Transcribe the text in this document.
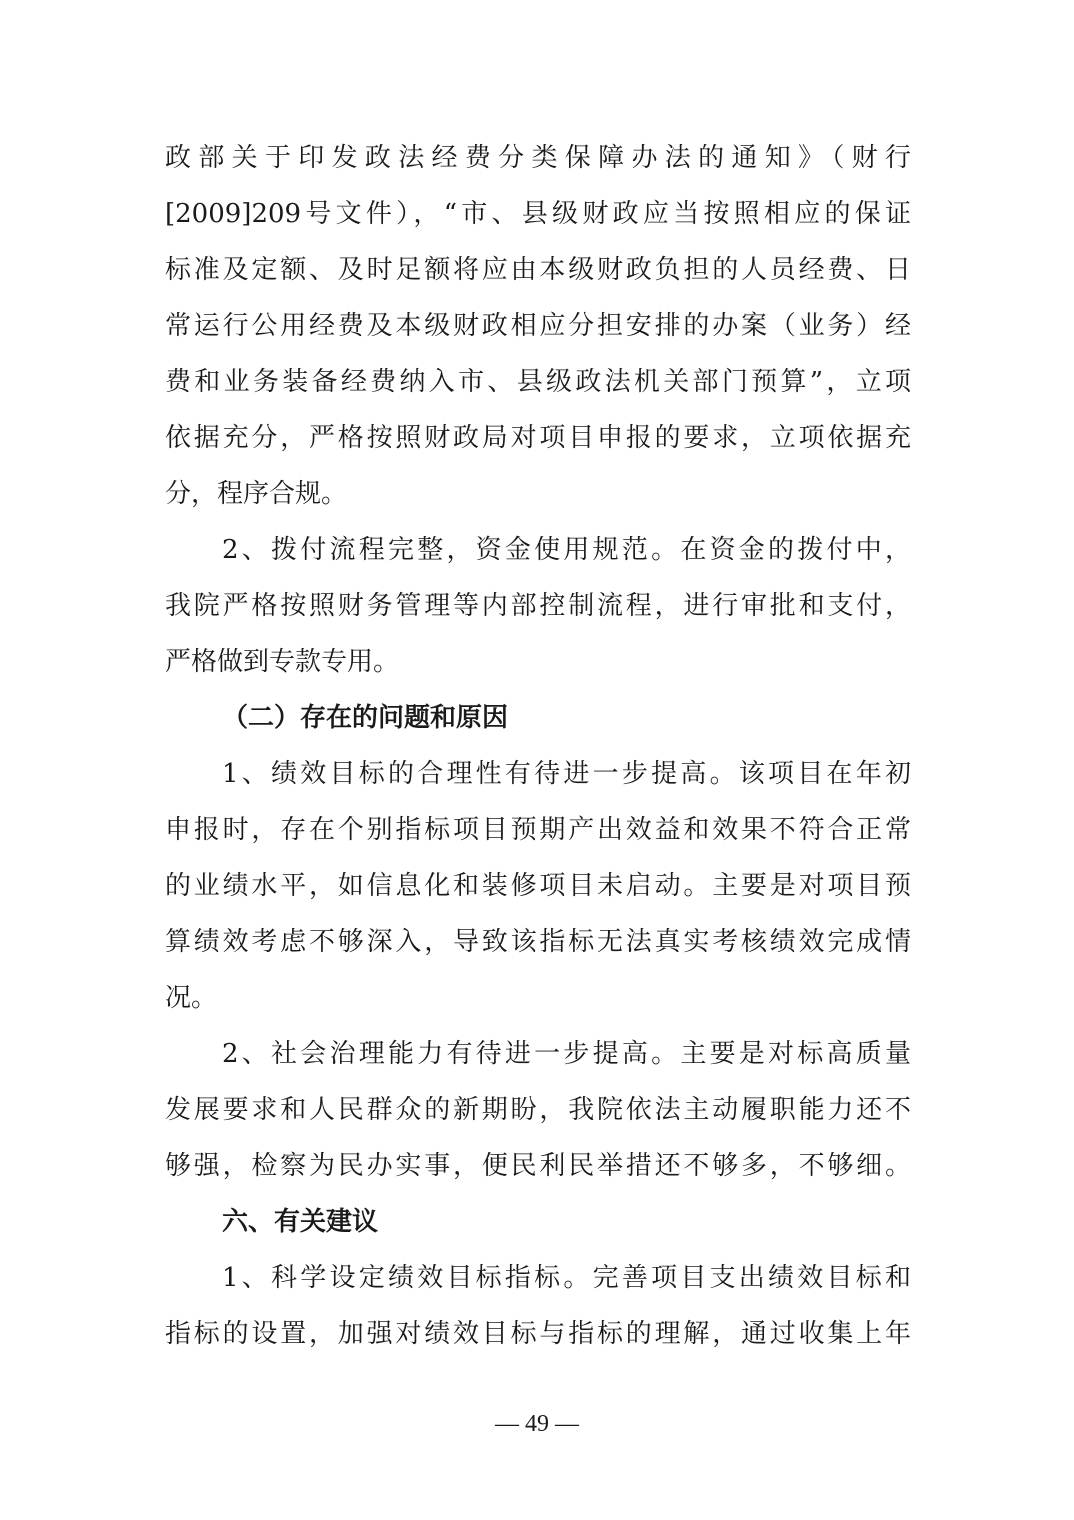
政部关于印发政法经费分类保障办法的通知》（财行
[2009]209号文件），“市、县级财政应当按照相应的保证
标准及定额、及时足额将应由本级财政负担的人员经费、日
常运行公用经费及本级财政相应分担安排的办案（业务）经
费和业务装备经费纳入市、县级政法机关部门预算”，立项
依据充分，严格按照财政局对项目申报的要求，立项依据充
分，程序合规。
2、拨付流程完整，资金使用规范。在资金的拨付中，
我院严格按照财务管理等内部控制流程，进行审批和支付，
严格做到专款专用。
（二）存在的问题和原因
1、绩效目标的合理性有待进一步提高。该项目在年初
申报时，存在个别指标项目预期产出效益和效果不符合正常
的业绩水平，如信息化和装修项目未启动。主要是对项目预
算绩效考虑不够深入，导致该指标无法真实考核绩效完成情
况。
2、社会治理能力有待进一步提高。主要是对标高质量
发展要求和人民群众的新期盼，我院依法主动履职能力还不
够强，检察为民办实事，便民利民举措还不够多，不够细。
六、有关建议
1、科学设定绩效目标指标。完善项目支出绩效目标和
指标的设置，加强对绩效目标与指标的理解，通过收集上年
— 49 —
